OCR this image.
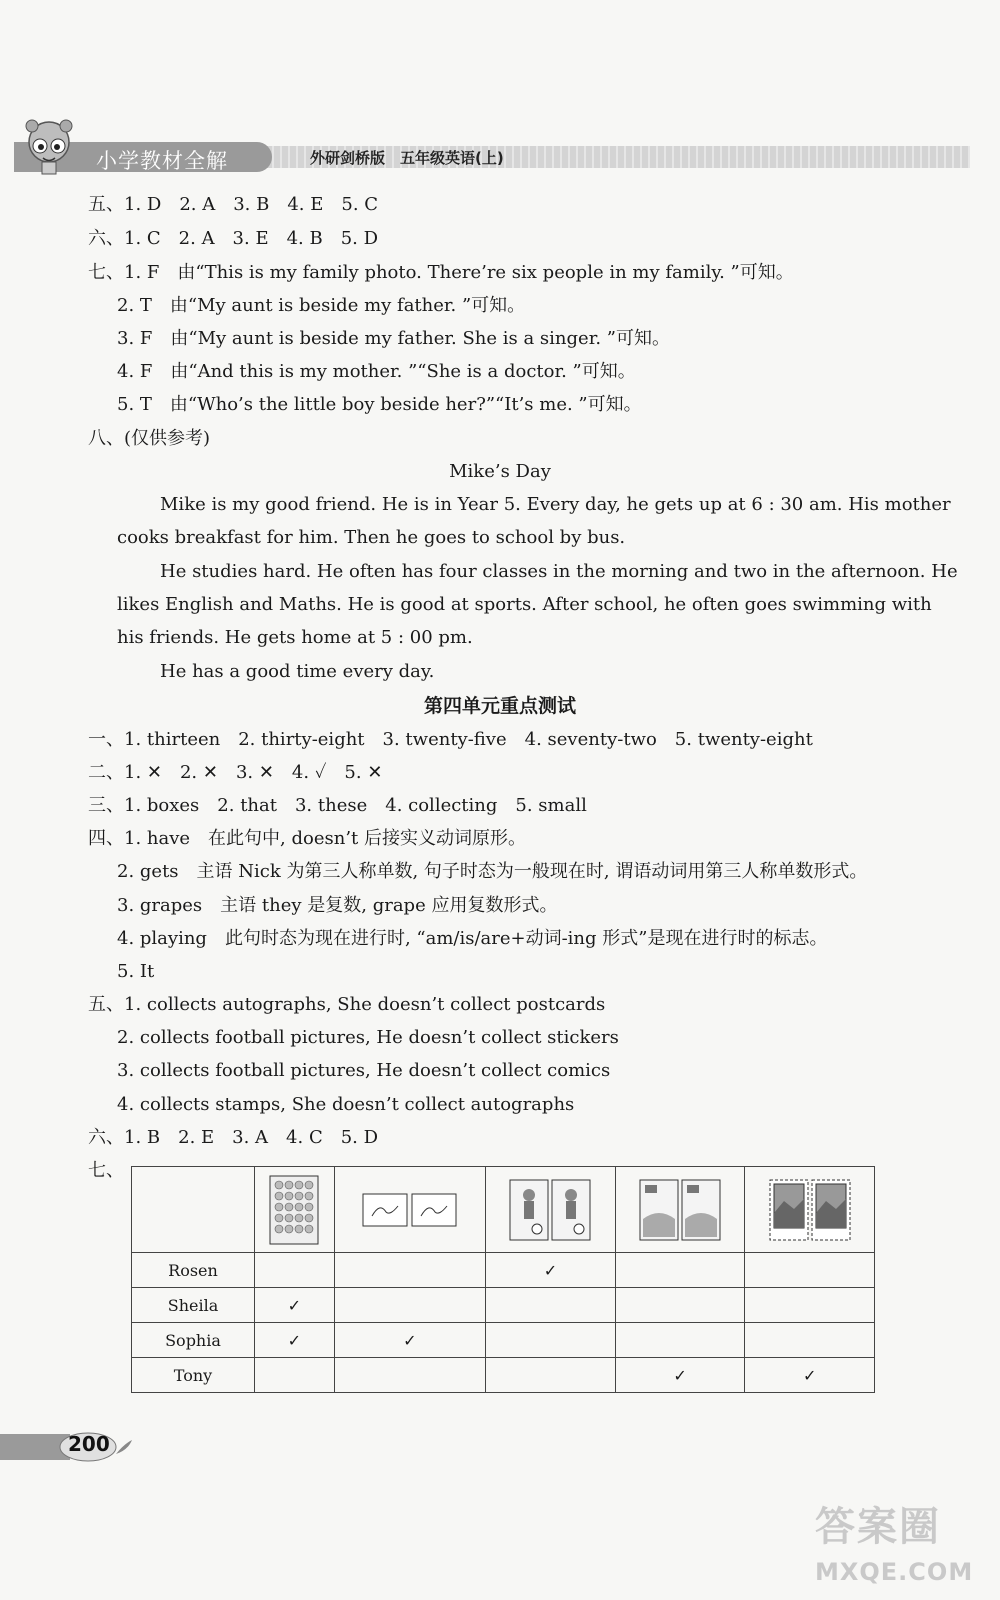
小学教材全解	外研剑桥版　五年级英语(上)
五、1. D　2. A　3. B　4. E　5. C
六、1. C　2. A　3. E　4. B　5. D
七、1. F　由“This is my family photo. There’re six people in my family. ”可知。
2. T　由“My aunt is beside my father. ”可知。
3. F　由“My aunt is beside my father. She is a singer. ”可知。
4. F　由“And this is my mother. ”“She is a doctor. ”可知。
5. T　由“Who’s the little boy beside her?”“It’s me. ”可知。
八、(仅供参考)
Mike’s Day
Mike is my good friend. He is in Year 5. Every day, he gets up at 6 : 30 am. His mother
cooks breakfast for him. Then he goes to school by bus.
He studies hard. He often has four classes in the morning and two in the afternoon. He
likes English and Maths. He is good at sports. After school, he often goes swimming with
his friends. He gets home at 5 : 00 pm.
He has a good time every day.
第四单元重点测试
一、1. thirteen　2. thirty-eight　3. twenty-five　4. seventy-two　5. twenty-eight
二、1. ✕　2. ✕　3. ✕　4. ✓　5. ✕
三、1. boxes　2. that　3. these　4. collecting　5. small
四、1. have　在此句中, doesn’t 后接实义动词原形。
2. gets　主语 Nick 为第三人称单数, 句子时态为一般现在时, 谓语动词用第三人称单数形式。
3. grapes　主语 they 是复数, grape 应用复数形式。
4. playing　此句时态为现在进行时, “am/is/are+动词-ing 形式”是现在进行时的标志。
5. It
五、1. collects autographs, She doesn’t collect postcards
2. collects football pictures, He doesn’t collect stickers
3. collects football pictures, He doesn’t collect comics
4. collects stamps, She doesn’t collect autographs
六、1. B　2. E　3. A　4. C　5. D
七、

Rosen			✓		
Sheila	✓				
Sophia	✓	✓			
Tony				✓	✓
200
答案圈
MXQE.COM
